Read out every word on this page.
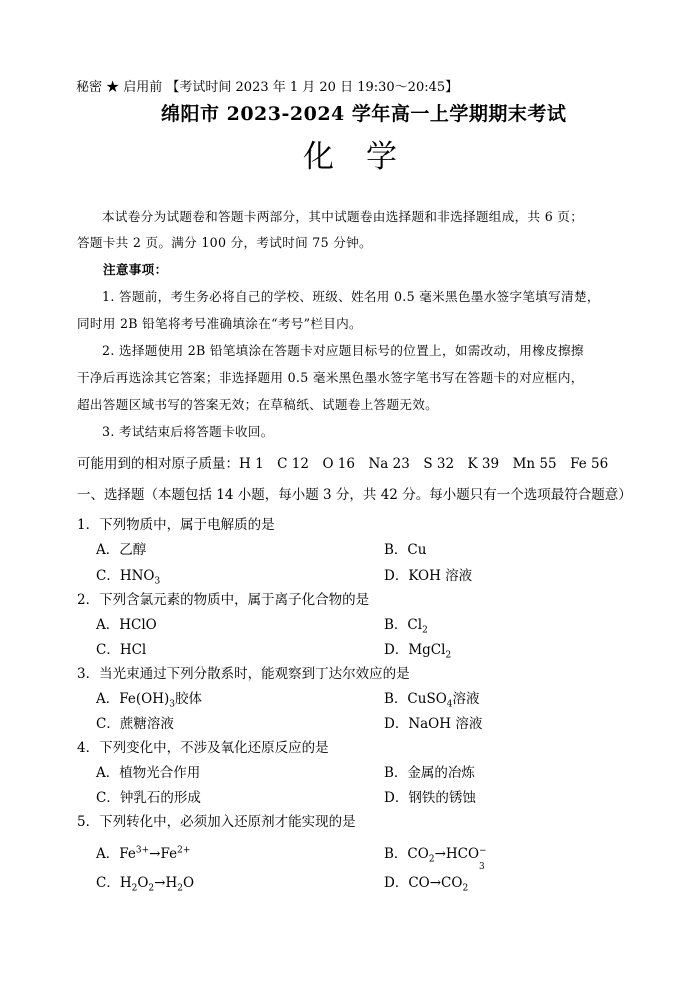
秘密 ★ 启用前 【考试时间 2023 年 1 月 20 日 19:30～20:45】
绵阳市 2023-2024 学年高一上学期期末考试
化学
本试卷分为试题卷和答题卡两部分，其中试题卷由选择题和非选择题组成，共 6 页；
答题卡共 2 页。满分 100 分，考试时间 75 分钟。
注意事项：
1. 答题前，考生务必将自己的学校、班级、姓名用 0.5 毫米黑色墨水签字笔填写清楚，
同时用 2B 铅笔将考号准确填涂在“考号”栏目内。
2. 选择题使用 2B 铅笔填涂在答题卡对应题目标号的位置上，如需改动，用橡皮擦擦
干净后再选涂其它答案；非选择题用 0.5 毫米黑色墨水签字笔书写在答题卡的对应框内，
超出答题区域书写的答案无效；在草稿纸、试题卷上答题无效。
3. 考试结束后将答题卡收回。
可能用到的相对原子质量：H 1　C 12　O 16　Na 23　S 32　K 39　Mn 55　Fe 56
一、选择题（本题包括 14 小题，每小题 3 分，共 42 分。每小题只有一个选项最符合题意）
1．下列物质中，属于电解质的是
A．乙醇	B．Cu
C．$HNO_3$	D．KOH 溶液
2．下列含氯元素的物质中，属于离子化合物的是
A．HClO	B．$Cl_2$
C．HCl	D．MgCl$_2$
3．当光束通过下列分散系时，能观察到丁达尔效应的是
A．$Fe(OH)_3$胶体	B．CuSO$_4$溶液
C．蔗糖溶液	D．NaOH 溶液
4．下列变化中，不涉及氧化还原反应的是
A．植物光合作用	B．金属的冶炼
C．钟乳石的形成	D．钢铁的锈蚀
5．下列转化中，必须加入还原剂才能实现的是
A．$Fe^{3+}\to Fe^{2+}$	B．$CO_2\to HCO$ −
3
C．$H_2O_2\to H_2O$	D．$CO\to CO_2$
